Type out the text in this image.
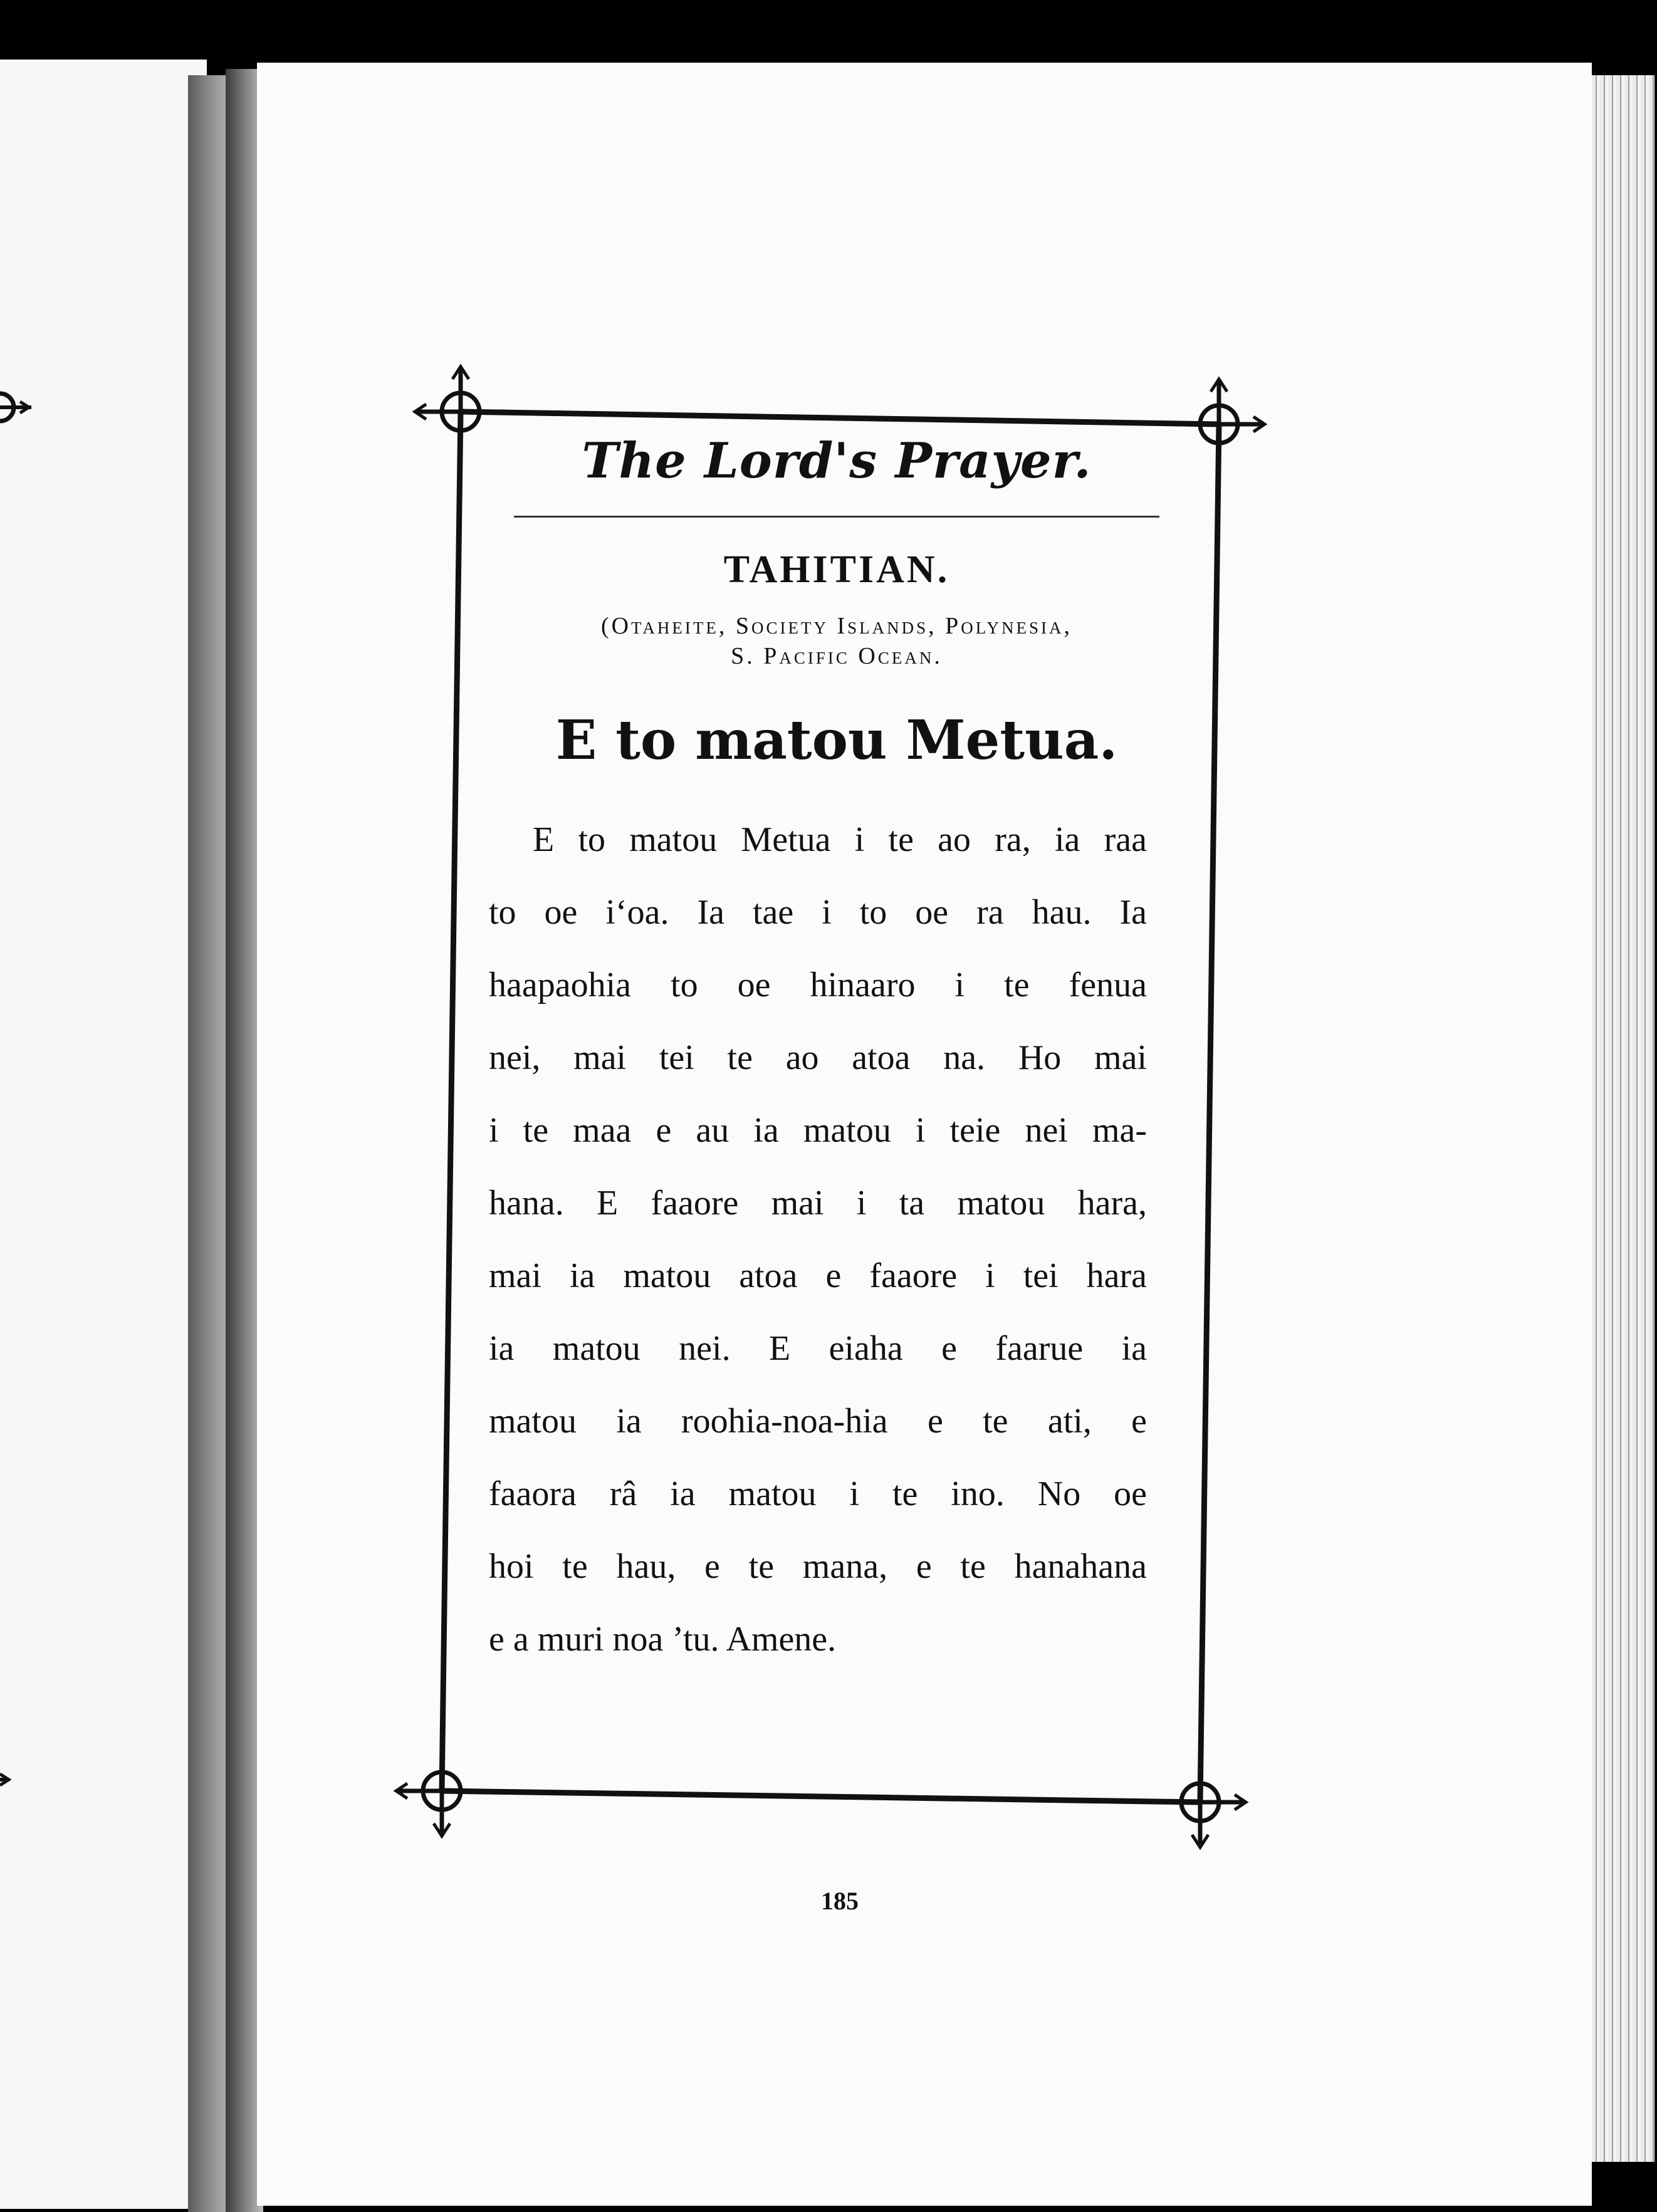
The Lord's Prayer.
TAHITIAN.
(Otaheite, Society Islands, Polynesia,
S. Pacific Ocean.
E to matou Metua.
E to matou Metua i te ao ra, ia raa
to oe i‘oa. Ia tae i to oe ra hau. Ia
haapaohia to oe hinaaro i te fenua
nei, mai tei te ao atoa na. Ho mai
i te maa e au ia matou i teie nei ma-
hana. E faaore mai i ta matou hara,
mai ia matou atoa e faaore i tei hara
ia matou nei. E eiaha e faarue ia
matou ia roohia-noa-hia e te ati, e
faaora râ ia matou i te ino. No oe
hoi te hau, e te mana, e te hanahana
e a muri noa ’tu. Amene.
185
